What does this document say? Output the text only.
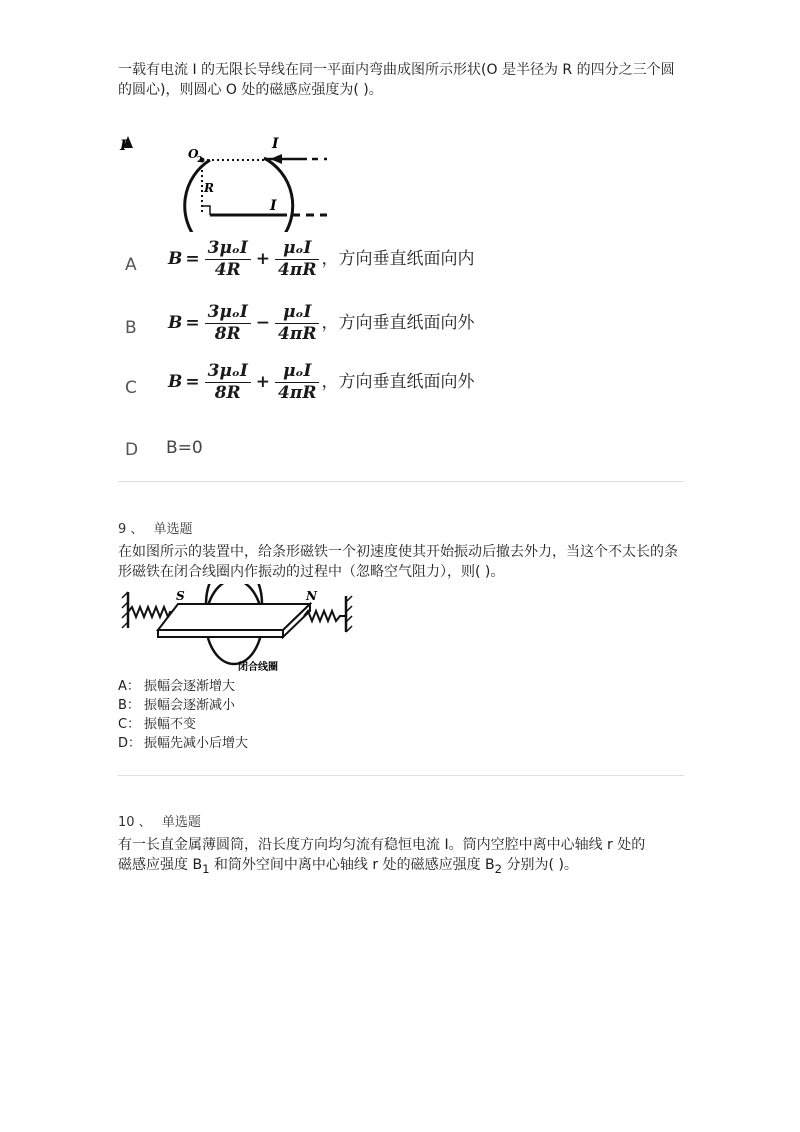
一载有电流 I 的无限长导线在同一平面内弯曲成图所示形状(O 是半径为 R 的四分之三个圆的圆心)，则圆心 O 处的磁感应强度为( )。
I	I
I
O
2
R
A $B = \frac{\text{3μₒI}}{4R} + \frac{\text{μₒI}}{4\pi R}$ ，方向垂直纸面向内
B $B = \frac{\text{3μₒI}}{8R} - \frac{\text{μₒI}}{4\pi R}$ ，方向垂直纸面向外
C $B = \frac{\text{3μₒI}}{8R} + \frac{\text{μₒI}}{4\pi R}$ ，方向垂直纸面向外
D B=0
9 、 单选题
在如图所示的装置中，给条形磁铁一个初速度使其开始振动后撤去外力，当这个不太长的条形磁铁在闭合线圈内作振动的过程中（忽略空气阻力），则( )。
S	N
闭合线圈
A： 振幅会逐渐增大
B： 振幅会逐渐减小
C： 振幅不变
D： 振幅先减小后增大
10 、 单选题
有一长直金属薄圆筒，沿长度方向均匀流有稳恒电流 I。筒内空腔中离中心轴线 r 处的
磁感应强度 $B_1$ 和筒外空间中离中心轴线 r 处的磁感应强度 $B_2$ 分别为( )。
